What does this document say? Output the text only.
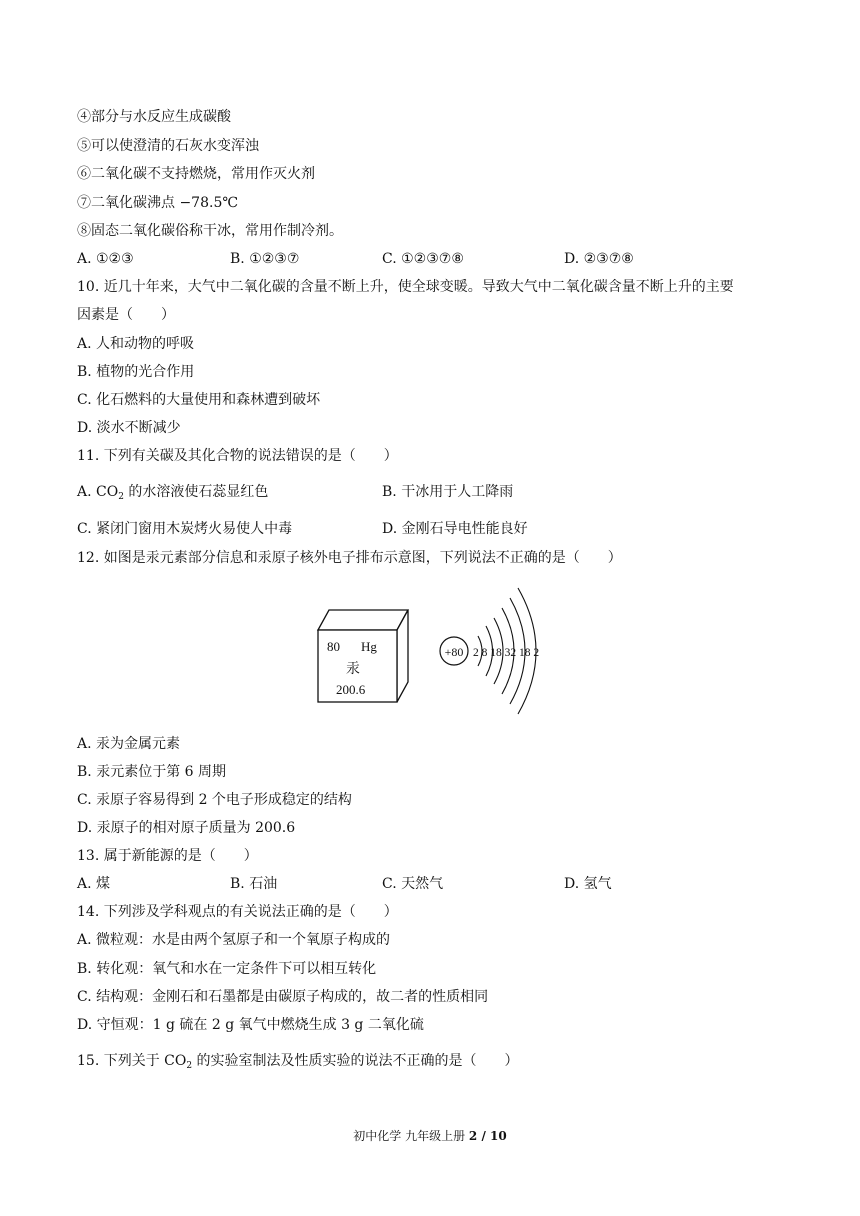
④部分与水反应生成碳酸
⑤可以使澄清的石灰水变浑浊
⑥二氧化碳不支持燃烧，常用作灭火剂
⑦二氧化碳沸点 −78.5℃
⑧固态二氧化碳俗称干冰，常用作制冷剂。
A. ①②③	B. ①②③⑦	C. ①②③⑦⑧	D. ②③⑦⑧
10. 近几十年来，大气中二氧化碳的含量不断上升，使全球变暖。导致大气中二氧化碳含量不断上升的主要
因素是（　　）
A. 人和动物的呼吸
B. 植物的光合作用
C. 化石燃料的大量使用和森林遭到破坏
D. 淡水不断减少
11. 下列有关碳及其化合物的说法错误的是（　　）
A. $CO_2$ 的水溶液使石蕊显红色	B. 干冰用于人工降雨
C. 紧闭门窗用木炭烤火易使人中毒	D. 金刚石导电性能良好
12. 如图是汞元素部分信息和汞原子核外电子排布示意图，下列说法不正确的是（　　）
80 Hg
汞
200.6
+80 2 8 18 32 18 2
A. 汞为金属元素
B. 汞元素位于第 6 周期
C. 汞原子容易得到 2 个电子形成稳定的结构
D. 汞原子的相对原子质量为 200.6
13. 属于新能源的是（　　）
A. 煤	B. 石油	C. 天然气	D. 氢气
14. 下列涉及学科观点的有关说法正确的是（　　）
A. 微粒观：水是由两个氢原子和一个氧原子构成的
B. 转化观：氧气和水在一定条件下可以相互转化
C. 结构观：金刚石和石墨都是由碳原子构成的，故二者的性质相同
D. 守恒观：1 g 硫在 2 g 氧气中燃烧生成 3 g 二氧化硫
15. 下列关于 $CO_2$ 的实验室制法及性质实验的说法不正确的是（　　）
初中化学 九年级上册 2 / 10
